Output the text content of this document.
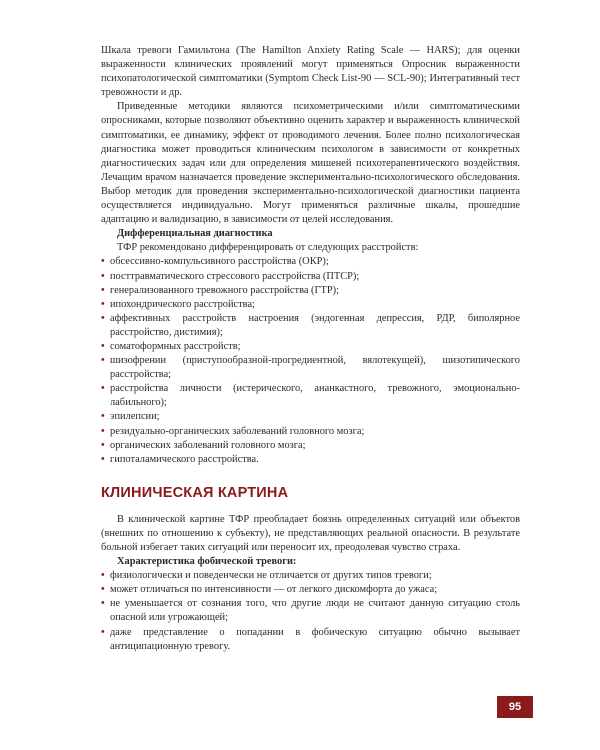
Шкала тревоги Гамильтона (The Hamilton Anxiety Rating Scale — HARS); для оценки выраженности клинических проявлений могут применяться Опросник выраженности психопатологической симптоматики (Symptom Check List-90 — SCL-90); Интегративный тест тревожности и др.

Приведенные методики являются психометрическими и/или симптоматическими опросниками, которые позволяют объективно оценить характер и выраженность клинической симптоматики, ее динамику, эффект от проводимого лечения. Более полно психологическая диагностика может проводиться клиническим психологом в зависимости от конкретных диагностических задач или для определения мишеней психотерапевтического воздействия. Лечащим врачом назначается проведение экспериментально-психологического обследования. Выбор методик для проведения экспериментально-психологической диагностики пациента осуществляется индивидуально. Могут применяться различные шкалы, прошедшие адаптацию и валидизацию, в зависимости от целей исследования.

Дифференциальная диагностика

ТФР рекомендовано дифференцировать от следующих расстройств:

• обсессивно-компульсивного расстройства (ОКР);
• посттравматического стрессового расстройства (ПТСР);
• генерализованного тревожного расстройства (ГТР);
• ипохондрического расстройства;
• аффективных расстройств настроения (эндогенная депрессия, РДР, биполярное расстройство, дистимия);
• соматоформных расстройств;
• шизофрении (приступообразной-прогредиентной, вялотекущей), шизотипического расстройства;
• расстройства личности (истерического, ананкастного, тревожного, эмоционально-лабильного);
• эпилепсии;
• резидуально-органических заболеваний головного мозга;
• органических заболеваний головного мозга;
• гипоталамического расстройства.
КЛИНИЧЕСКАЯ КАРТИНА

В клинической картине ТФР преобладает боязнь определенных ситуаций или объектов (внешних по отношению к субъекту), не представляющих реальной опасности. В результате больной избегает таких ситуаций или переносит их, преодолевая чувство страха.

Характеристика фобической тревоги:
• физиологически и поведенчески не отличается от других типов тревоги;
• может отличаться по интенсивности — от легкого дискомфорта до ужаса;
• не уменьшается от сознания того, что другие люди не считают данную ситуацию столь опасной или угрожающей;
• даже представление о попадании в фобическую ситуацию обычно вызывает антиципационную тревогу.
95
